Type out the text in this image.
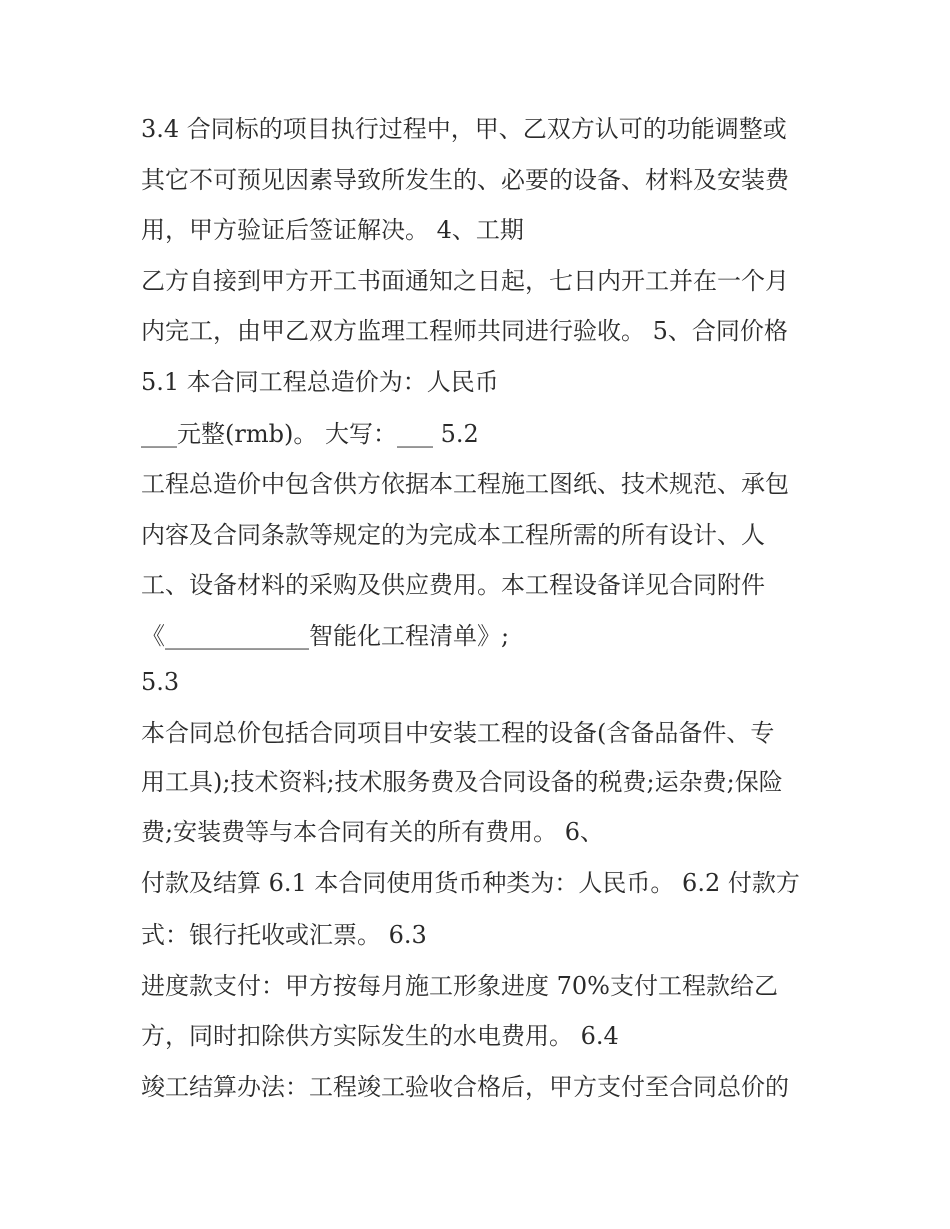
3.4 合同标的项目执行过程中，甲、乙双方认可的功能调整或
其它不可预见因素导致所发生的、必要的设备、材料及安装费
用，甲方验证后签证解决。 4、工期
乙方自接到甲方开工书面通知之日起，七日内开工并在一个月
内完工，由甲乙双方监理工程师共同进行验收。 5、合同价格
5.1 本合同工程总造价为：人民币
___元整(rmb)。 大写：___ 5.2
工程总造价中包含供方依据本工程施工图纸、技术规范、承包
内容及合同条款等规定的为完成本工程所需的所有设计、人
工、设备材料的采购及供应费用。本工程设备详见合同附件
《____________智能化工程清单》;
5.3
本合同总价包括合同项目中安装工程的设备(含备品备件、专
用工具);技术资料;技术服务费及合同设备的税费;运杂费;保险
费;安装费等与本合同有关的所有费用。 6、
付款及结算 6.1 本合同使用货币种类为：人民币。 6.2 付款方
式：银行托收或汇票。 6.3
进度款支付：甲方按每月施工形象进度 70%支付工程款给乙
方，同时扣除供方实际发生的水电费用。 6.4
竣工结算办法：工程竣工验收合格后，甲方支付至合同总价的
